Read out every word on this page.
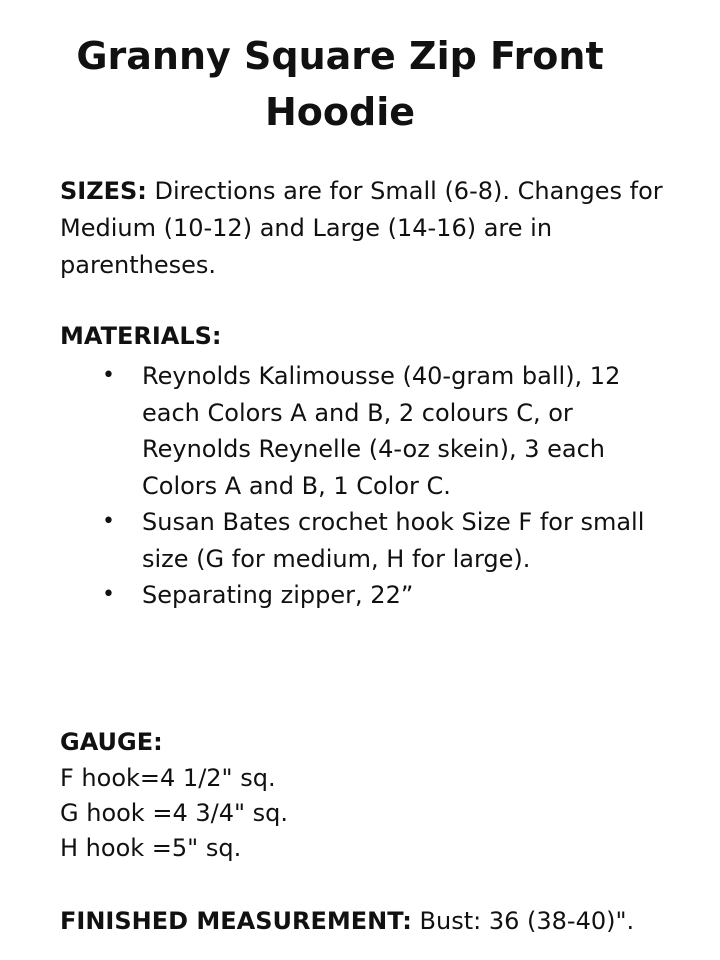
Granny Square Zip Front
Hoodie
SIZES: Directions are for Small (6-8). Changes for Medium (10-12) and Large (14-16) are in parentheses.
MATERIALS:
• Reynolds Kalimousse (40-gram ball), 12 each Colors A and B, 2 colours C, or Reynolds Reynelle (4-oz skein), 3 each Colors A and B, 1 Color C.
• Susan Bates crochet hook Size F for small size (G for medium, H for large).
• Separating zipper, 22”
GAUGE:
F hook=4 1/2" sq.
G hook =4 3/4" sq.
H hook =5" sq.
FINISHED MEASUREMENT: Bust: 36 (38-40)".
